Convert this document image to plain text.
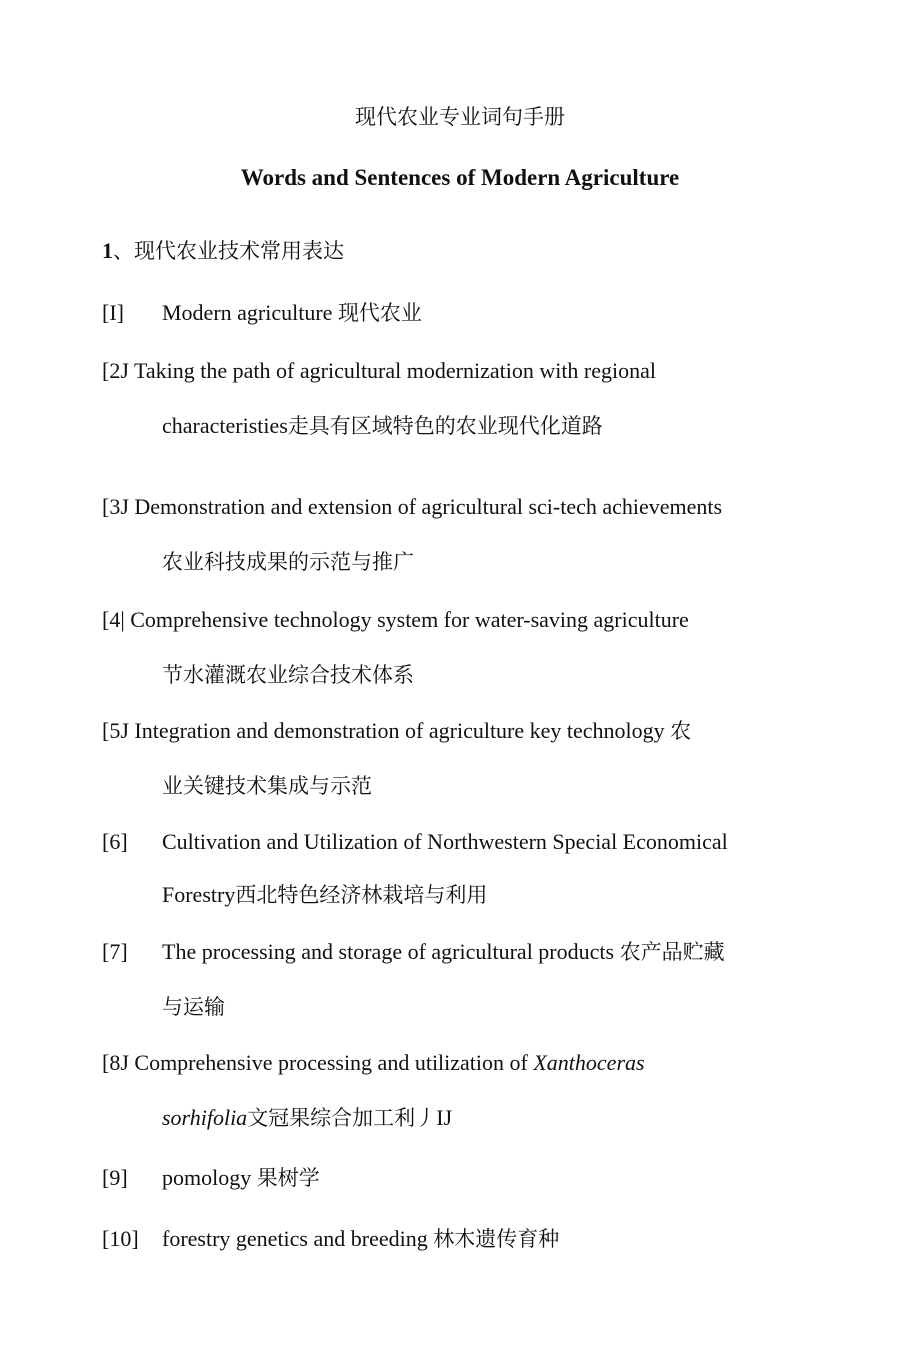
现代农业专业词句手册
Words and Sentences of Modern Agriculture
1、现代农业技术常用表达
[I] Modern agriculture 现代农业
[2J Taking the path of agricultural modernization with regional
characteristies走具有区域特色的农业现代化道路
[3J Demonstration and extension of agricultural sci-tech achievements
农业科技成果的示范与推广
[4| Comprehensive technology system for water-saving agriculture
节水灌溉农业综合技术体系
[5J Integration and demonstration of agriculture key technology 农
业关键技术集成与示范
[6] Cultivation and Utilization of Northwestern Special Economical
Forestry西北特色经济林栽培与利用
[7] The processing and storage of agricultural products 农产品贮藏
与运输
[8J Comprehensive processing and utilization of Xanthoceras
sorhifolia文冠果综合加工利丿IJ
[9] pomology 果树学
[10] forestry genetics and breeding 林木遗传育种
